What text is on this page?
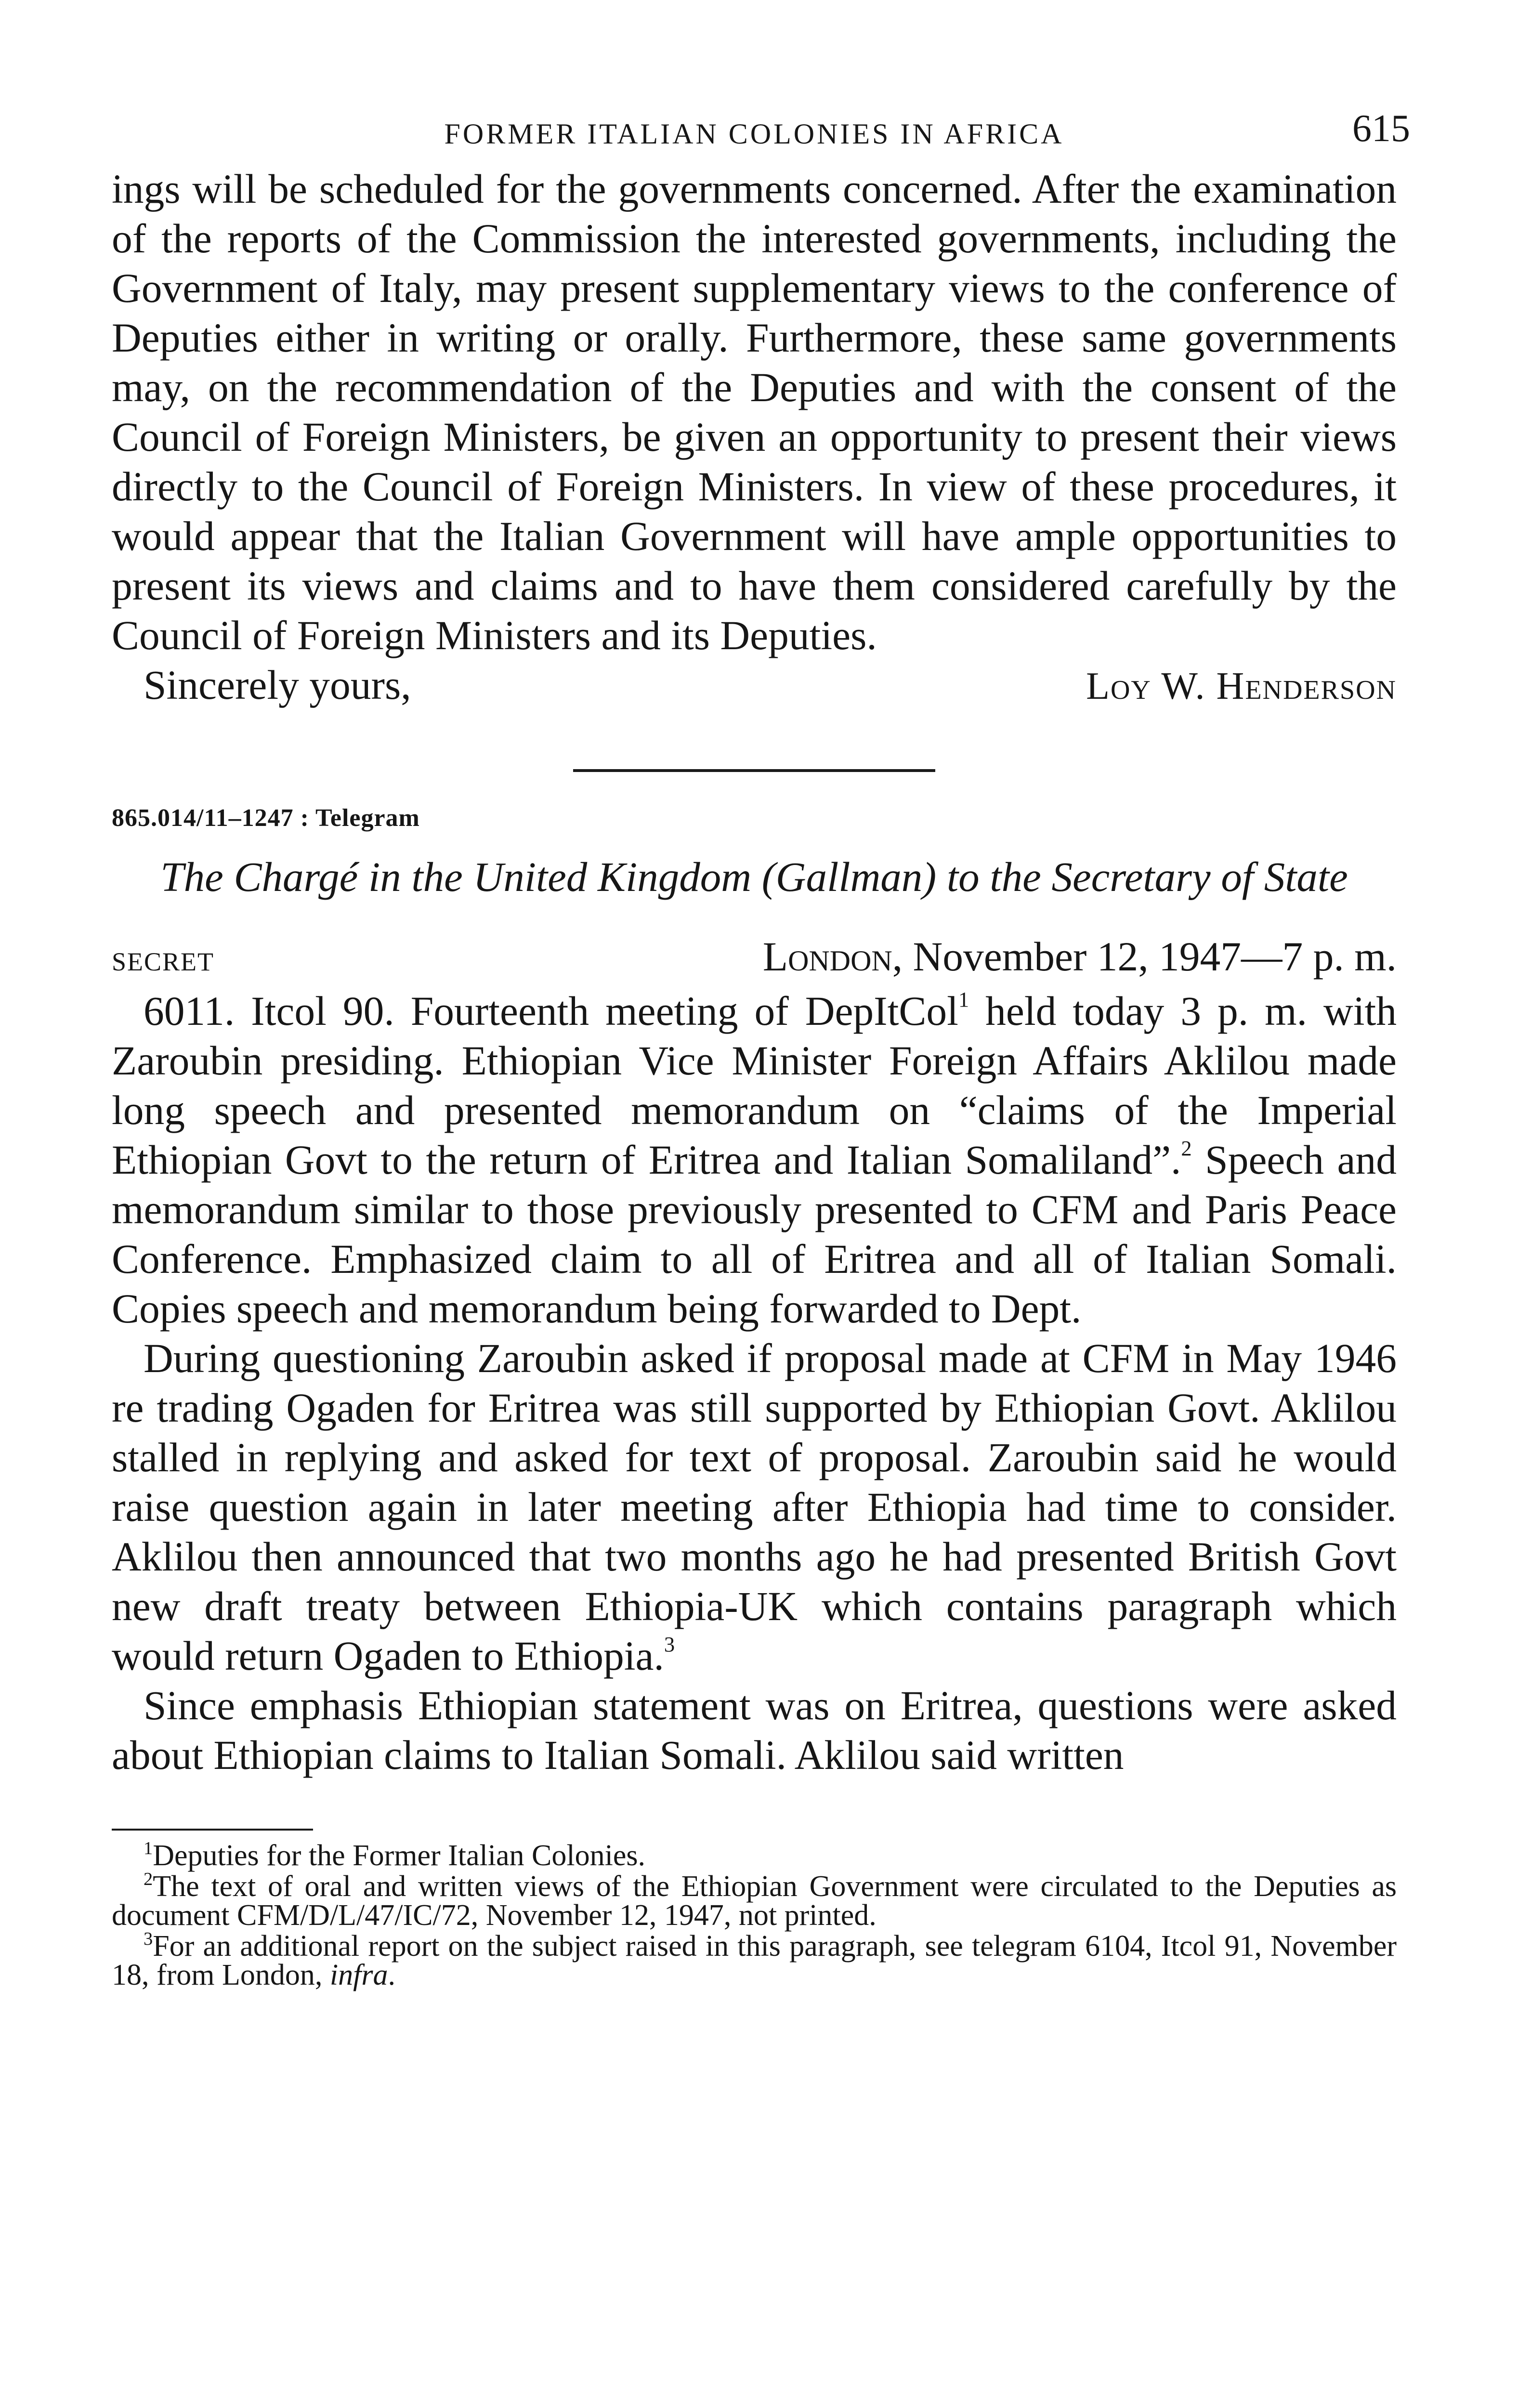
FORMER ITALIAN COLONIES IN AFRICA	615

ings will be scheduled for the governments concerned. After the examination of the reports of the Commission the interested governments, including the Government of Italy, may present supplementary views to the conference of Deputies either in writing or orally. Furthermore, these same governments may, on the recommendation of the Deputies and with the consent of the Council of Foreign Ministers, be given an opportunity to present their views directly to the Council of Foreign Ministers. In view of these procedures, it would appear that the Italian Government will have ample opportunities to present its views and claims and to have them considered carefully by the Council of Foreign Ministers and its Deputies.

Sincerely yours,	Loy W. Henderson
865.014/11–1247 : Telegram

The Chargé in the United Kingdom (Gallman) to the Secretary of State

SECRET	London, November 12, 1947—7 p. m.

6011. Itcol 90. Fourteenth meeting of DepItCol$^1$ held today 3 p. m. with Zaroubin presiding. Ethiopian Vice Minister Foreign Affairs Aklilou made long speech and presented memorandum on “claims of the Imperial Ethiopian Govt to the return of Eritrea and Italian Somaliland”.$^2$ Speech and memorandum similar to those previously presented to CFM and Paris Peace Conference. Emphasized claim to all of Eritrea and all of Italian Somali. Copies speech and memorandum being forwarded to Dept.

During questioning Zaroubin asked if proposal made at CFM in May 1946 re trading Ogaden for Eritrea was still supported by Ethiopian Govt. Aklilou stalled in replying and asked for text of proposal. Zaroubin said he would raise question again in later meeting after Ethiopia had time to consider. Aklilou then announced that two months ago he had presented British Govt new draft treaty between Ethiopia-UK which contains paragraph which would return Ogaden to Ethiopia.$^3$

Since emphasis Ethiopian statement was on Eritrea, questions were asked about Ethiopian claims to Italian Somali. Aklilou said written

$^1$Deputies for the Former Italian Colonies.

$^2$The text of oral and written views of the Ethiopian Government were circulated to the Deputies as document CFM/D/L/47/IC/72, November 12, 1947, not printed.

$^3$For an additional report on the subject raised in this paragraph, see telegram 6104, Itcol 91, November 18, from London, infra.
